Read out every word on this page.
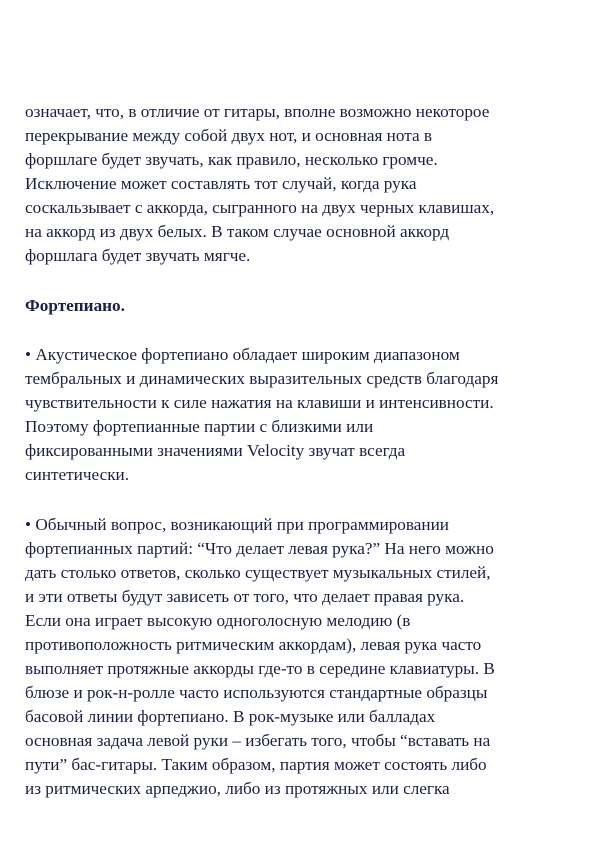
означает, что, в отличие от гитары, вполне возможно некоторое
перекрывание между собой двух нот, и основная нота в
форшлаге будет звучать, как правило, несколько громче.
Исключение может составлять тот случай, когда рука
соскальзывает с аккорда, сыгранного на двух черных клавишах,
на аккорд из двух белых. В таком случае основной аккорд
форшлага будет звучать мягче.
Фортепиано.
• Акустическое фортепиано обладает широким диапазоном
тембральных и динамических выразительных средств благодаря
чувствительности к силе нажатия на клавиши и интенсивности.
Поэтому фортепианные партии с близкими или
фиксированными значениями Velocity звучат всегда
синтетически.
• Обычный вопрос, возникающий при программировании
фортепианных партий: “Что делает левая рука?” На него можно
дать столько ответов, сколько существует музыкальных стилей,
и эти ответы будут зависеть от того, что делает правая рука.
Если она играет высокую одноголосную мелодию (в
противоположность ритмическим аккордам), левая рука часто
выполняет протяжные аккорды где-то в середине клавиатуры. В
блюзе и рок-н-ролле часто используются стандартные образцы
басовой линии фортепиано. В рок-музыке или балладах
основная задача левой руки – избегать того, чтобы “вставать на
пути” бас-гитары. Таким образом, партия может состоять либо
из ритмических арпеджио, либо из протяжных или слегка
